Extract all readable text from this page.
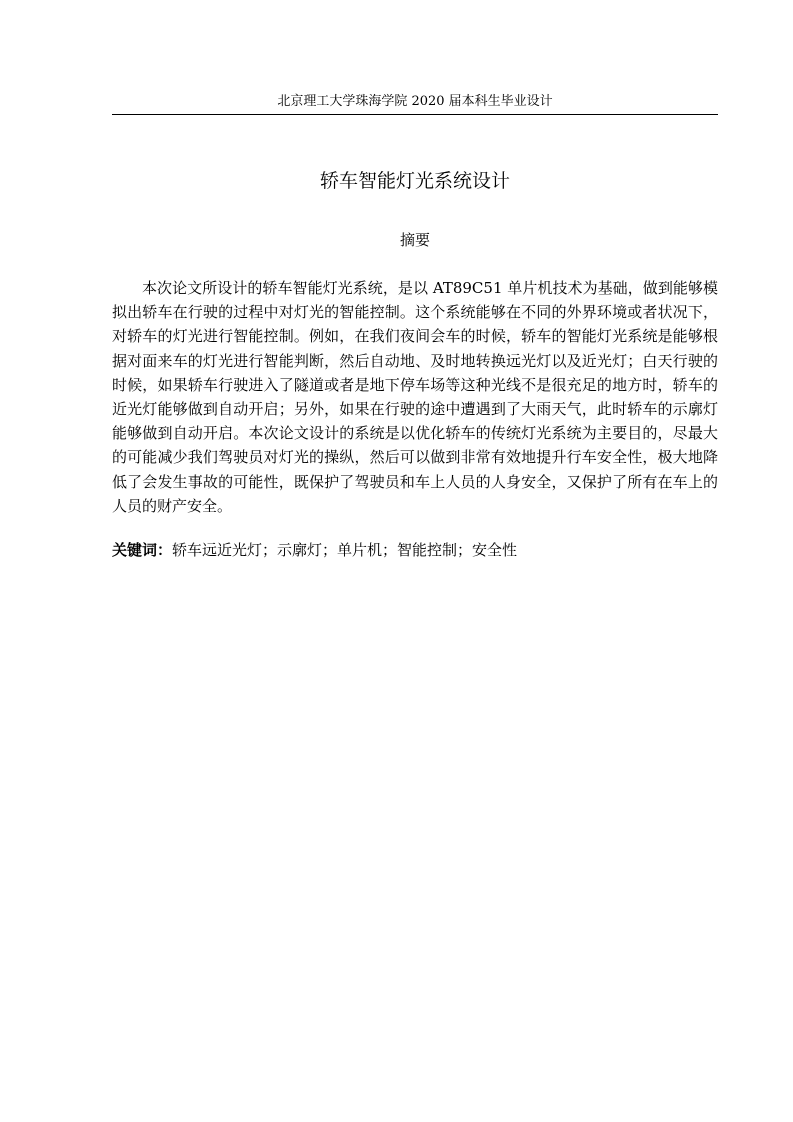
北京理工大学珠海学院 2020 届本科生毕业设计
轿车智能灯光系统设计
摘要

本次论文所设计的轿车智能灯光系统，是以 AT89C51 单片机技术为基础，做到能够模拟出轿车在行驶的过程中对灯光的智能控制。这个系统能够在不同的外界环境或者状况下，对轿车的灯光进行智能控制。例如，在我们夜间会车的时候，轿车的智能灯光系统是能够根据对面来车的灯光进行智能判断，然后自动地、及时地转换远光灯以及近光灯；白天行驶的时候，如果轿车行驶进入了隧道或者是地下停车场等这种光线不是很充足的地方时，轿车的近光灯能够做到自动开启；另外，如果在行驶的途中遭遇到了大雨天气，此时轿车的示廓灯能够做到自动开启。本次论文设计的系统是以优化轿车的传统灯光系统为主要目的，尽最大的可能减少我们驾驶员对灯光的操纵，然后可以做到非常有效地提升行车安全性，极大地降低了会发生事故的可能性，既保护了驾驶员和车上人员的人身安全，又保护了所有在车上的人员的财产安全。

关键词：轿车远近光灯；示廓灯；单片机；智能控制；安全性
